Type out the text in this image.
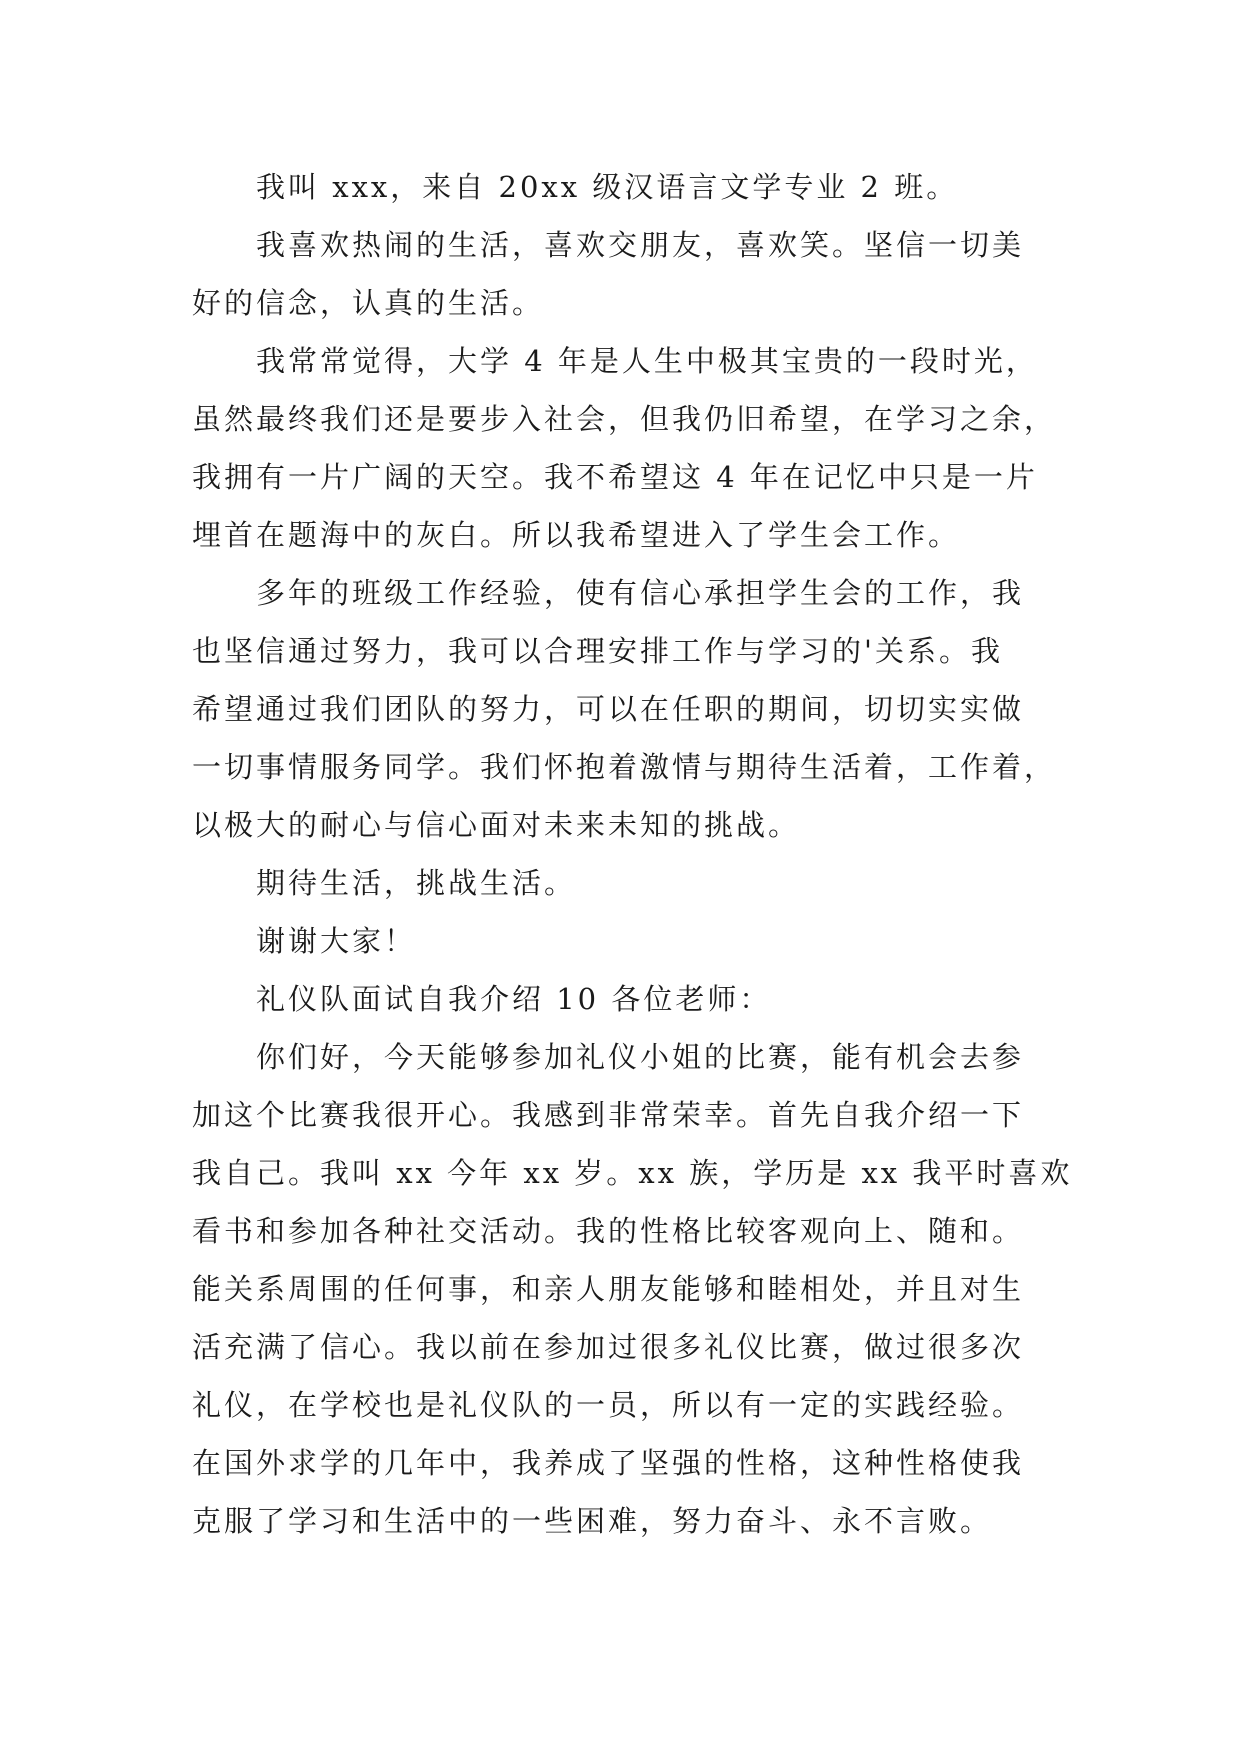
我叫 xxx，来自 20xx 级汉语言文学专业 2 班。
我喜欢热闹的生活，喜欢交朋友，喜欢笑。坚信一切美
好的信念，认真的生活。
我常常觉得，大学 4 年是人生中极其宝贵的一段时光，
虽然最终我们还是要步入社会，但我仍旧希望，在学习之余，
我拥有一片广阔的天空。我不希望这 4 年在记忆中只是一片
埋首在题海中的灰白。所以我希望进入了学生会工作。
多年的班级工作经验，使有信心承担学生会的工作，我
也坚信通过努力，我可以合理安排工作与学习的'关系。我
希望通过我们团队的努力，可以在任职的期间，切切实实做
一切事情服务同学。我们怀抱着激情与期待生活着，工作着，
以极大的耐心与信心面对未来未知的挑战。
期待生活，挑战生活。
谢谢大家！
礼仪队面试自我介绍 10 各位老师：
你们好，今天能够参加礼仪小姐的比赛，能有机会去参
加这个比赛我很开心。我感到非常荣幸。首先自我介绍一下
我自己。我叫 xx 今年 xx 岁。xx 族，学历是 xx 我平时喜欢
看书和参加各种社交活动。我的性格比较客观向上、随和。
能关系周围的任何事，和亲人朋友能够和睦相处，并且对生
活充满了信心。我以前在参加过很多礼仪比赛，做过很多次
礼仪，在学校也是礼仪队的一员，所以有一定的实践经验。
在国外求学的几年中，我养成了坚强的性格，这种性格使我
克服了学习和生活中的一些困难，努力奋斗、永不言败。
